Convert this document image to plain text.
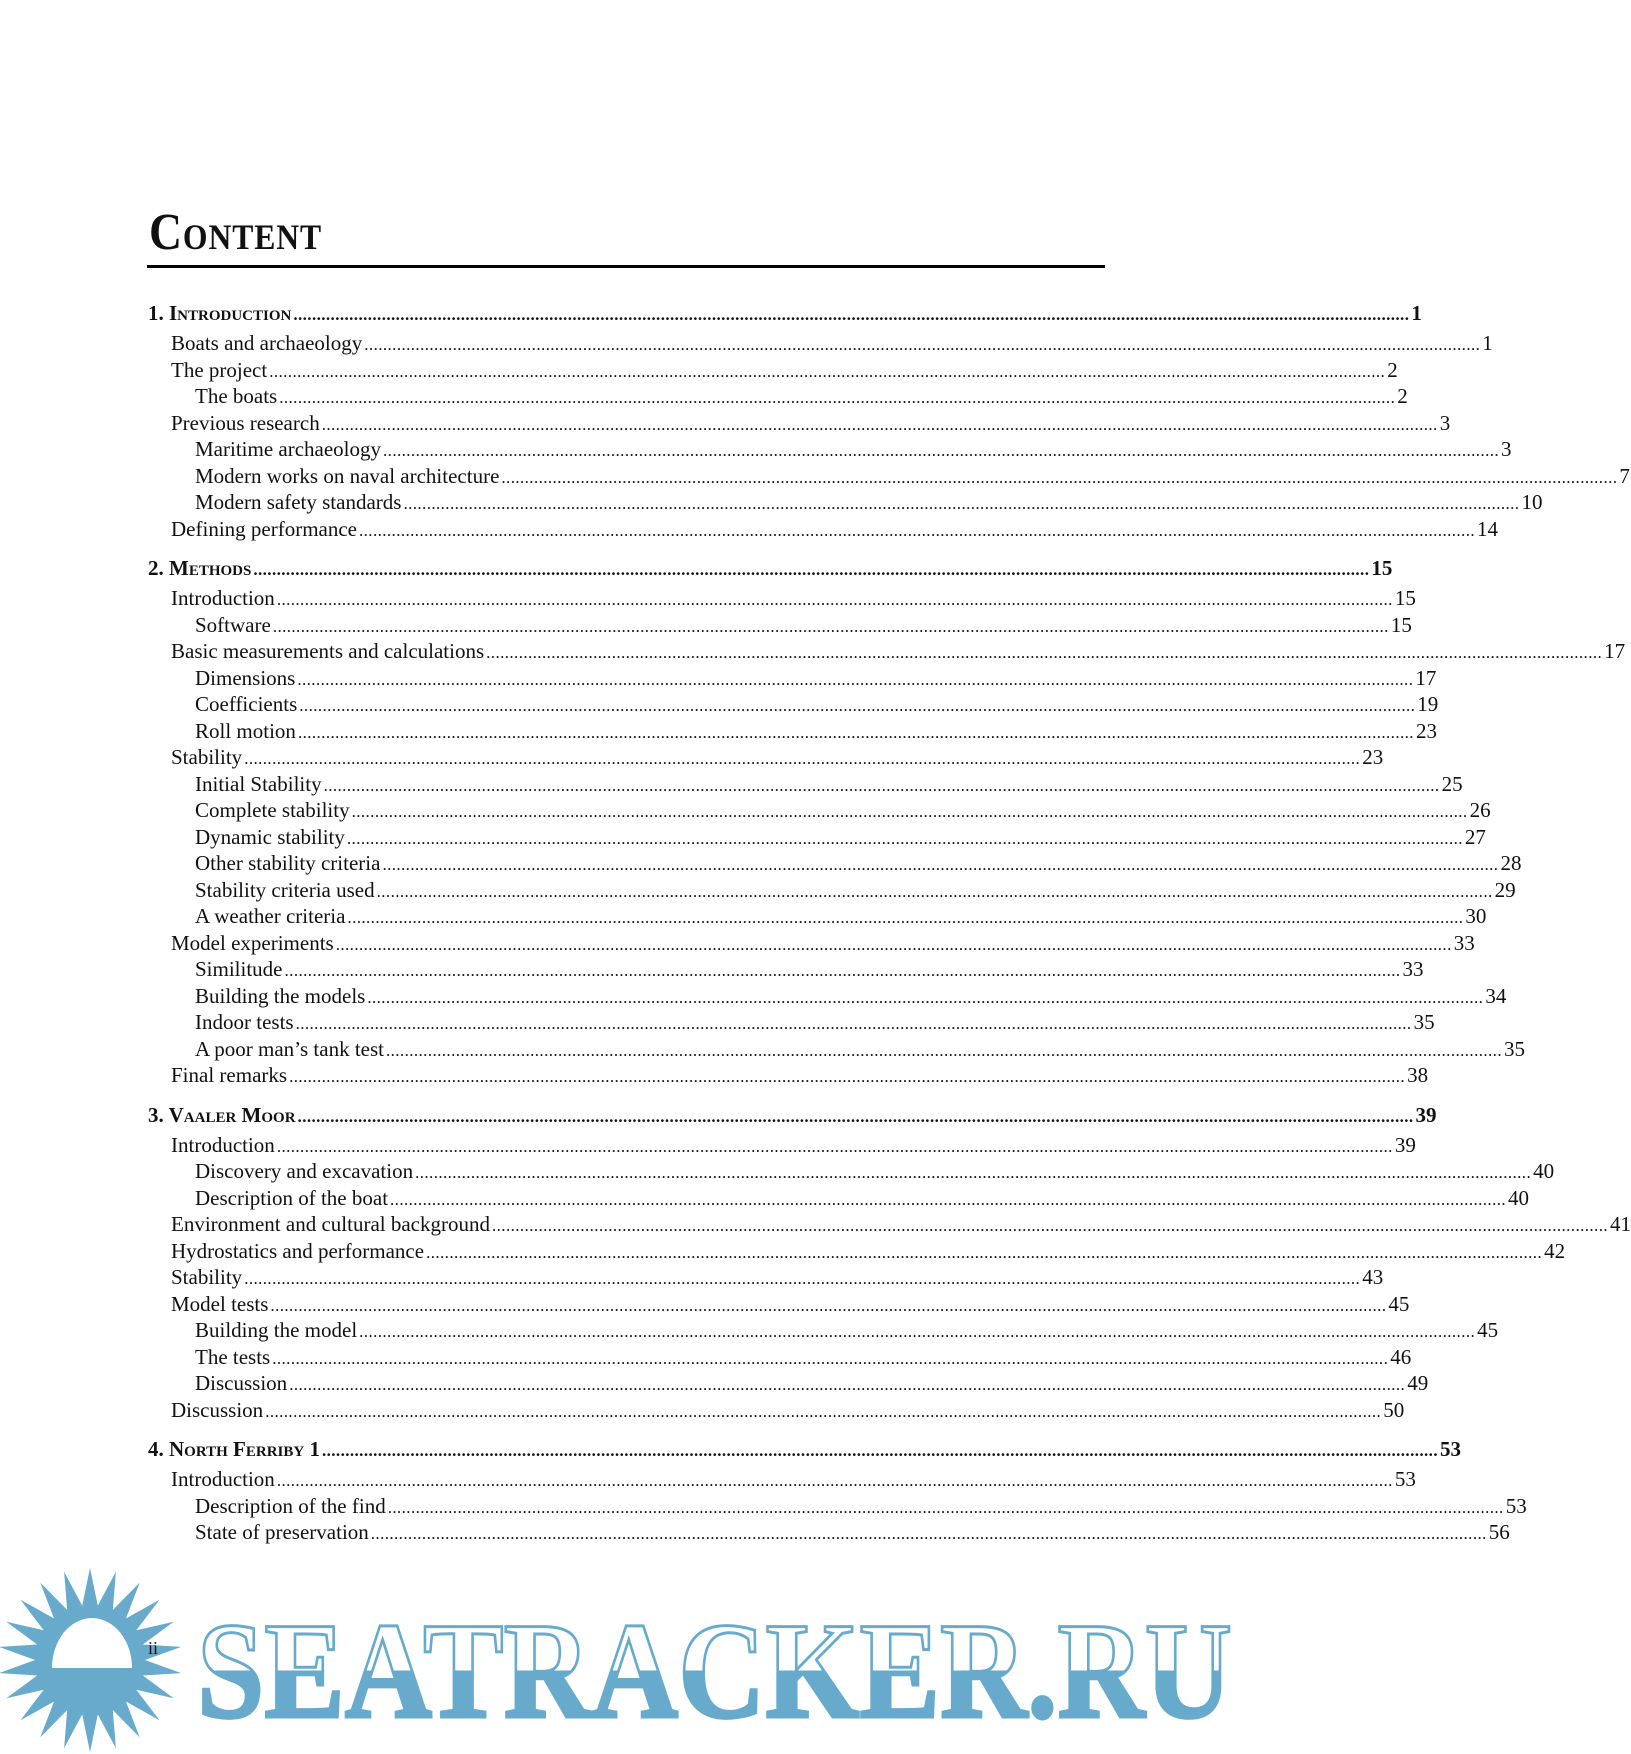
Content
1. Introduction .....	1
Boats and archaeology .....	1
The project .....	2
The boats .....	2
Previous research .....	3
Maritime archaeology .....	3
Modern works on naval architecture .....	7
Modern safety standards .....	10
Defining performance .....	14
2. Methods .....	15
Introduction .....	15
Software .....	15
Basic measurements and calculations .....	17
Dimensions .....	17
Coefficients .....	19
Roll motion .....	23
Stability .....	23
Initial Stability .....	25
Complete stability .....	26
Dynamic stability .....	27
Other stability criteria .....	28
Stability criteria used .....	29
A weather criteria .....	30
Model experiments .....	33
Similitude .....	33
Building the models .....	34
Indoor tests .....	35
A poor man’s tank test .....	35
Final remarks .....	38
3. Vaaler Moor .....	39
Introduction .....	39
Discovery and excavation .....	40
Description of the boat .....	40
Environment and cultural background .....	41
Hydrostatics and performance .....	42
Stability .....	43
Model tests .....	45
Building the model .....	45
The tests .....	46
Discussion .....	49
Discussion .....	50
4. North Ferriby 1 .....	53
Introduction .....	53
Description of the find .....	53
State of preservation .....	56
SEATRACKER.RU
ii
